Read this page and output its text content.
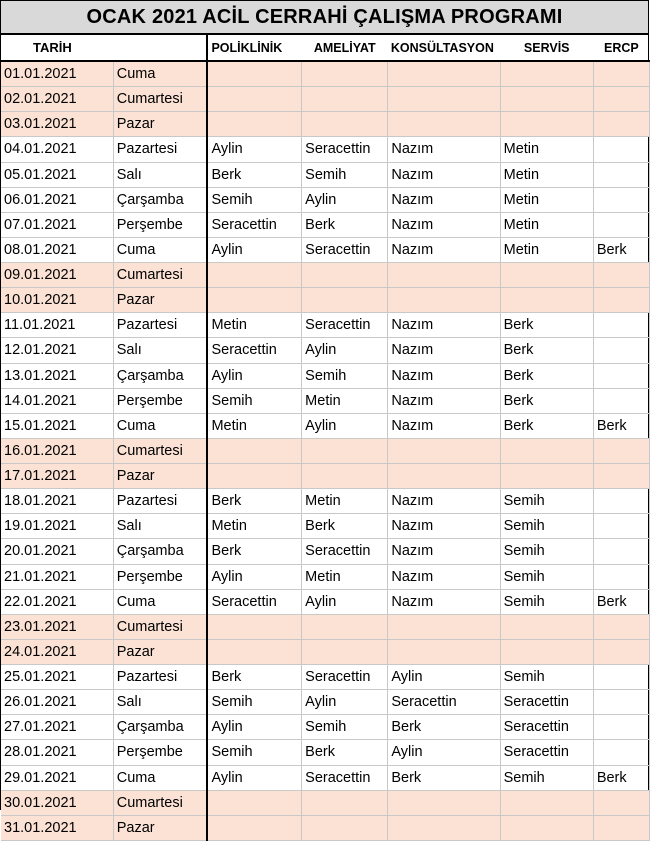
OCAK 2021 ACİL CERRAHİ ÇALIŞMA PROGRAMI
TARİH		POLİKLİNİK	AMELİYAT	KONSÜLTASYON	SERVİS	ERCP
01.01.2021	Cuma					
02.01.2021	Cumartesi					
03.01.2021	Pazar					
04.01.2021	Pazartesi	Aylin	Seracettin	Nazım	Metin	
05.01.2021	Salı	Berk	Semih	Nazım	Metin	
06.01.2021	Çarşamba	Semih	Aylin	Nazım	Metin	
07.01.2021	Perşembe	Seracettin	Berk	Nazım	Metin	
08.01.2021	Cuma	Aylin	Seracettin	Nazım	Metin	Berk
09.01.2021	Cumartesi					
10.01.2021	Pazar					
11.01.2021	Pazartesi	Metin	Seracettin	Nazım	Berk	
12.01.2021	Salı	Seracettin	Aylin	Nazım	Berk	
13.01.2021	Çarşamba	Aylin	Semih	Nazım	Berk	
14.01.2021	Perşembe	Semih	Metin	Nazım	Berk	
15.01.2021	Cuma	Metin	Aylin	Nazım	Berk	Berk
16.01.2021	Cumartesi					
17.01.2021	Pazar					
18.01.2021	Pazartesi	Berk	Metin	Nazım	Semih	
19.01.2021	Salı	Metin	Berk	Nazım	Semih	
20.01.2021	Çarşamba	Berk	Seracettin	Nazım	Semih	
21.01.2021	Perşembe	Aylin	Metin	Nazım	Semih	
22.01.2021	Cuma	Seracettin	Aylin	Nazım	Semih	Berk
23.01.2021	Cumartesi					
24.01.2021	Pazar					
25.01.2021	Pazartesi	Berk	Seracettin	Aylin	Semih	
26.01.2021	Salı	Semih	Aylin	Seracettin	Seracettin	
27.01.2021	Çarşamba	Aylin	Semih	Berk	Seracettin	
28.01.2021	Perşembe	Semih	Berk	Aylin	Seracettin	
29.01.2021	Cuma	Aylin	Seracettin	Berk	Semih	Berk
30.01.2021	Cumartesi					
31.01.2021	Pazar					
